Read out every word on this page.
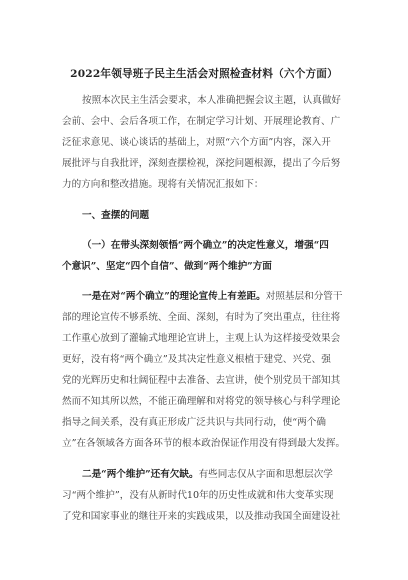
2022年领导班子民主生活会对照检查材料（六个方面）
按照本次民主生活会要求，本人准确把握会议主题，认真做好
会前、会中、会后各项工作，在制定学习计划、开展理论教育、广
泛征求意见、谈心谈话的基础上，对照“六个方面”内容，深入开
展批评与自我批评，深刻查摆检视，深挖问题根源，提出了今后努
力的方向和整改措施。现将有关情况汇报如下：
一、查摆的问题
（一）在带头深刻领悟“两个确立”的决定性意义，增强“四
个意识”、坚定“四个自信”、做到“两个维护”方面
一是在对“两个确立”的理论宣传上有差距。对照基层和分管干
部的理论宣传不够系统、全面、深刻，有时为了突出重点，往往将
工作重心放到了灌输式地理论宣讲上，主观上认为这样接受效果会
更好，没有将“两个确立”及其决定性意义根植于建党、兴党、强
党的光辉历史和壮阔征程中去准备、去宣讲，使个别党员干部知其
然而不知其所以然，不能正确理解和对将党的领导核心与科学理论
指导之间关系，没有真正形成广泛共识与共同行动，使“两个确
立”在各领域各方面各环节的根本政治保证作用没有得到最大发挥。
二是“两个维护”还有欠缺。有些同志仅从字面和思想层次学
习“两个维护”，没有从新时代10年的历史性成就和伟大变革实现
了党和国家事业的继往开来的实践成果，以及推动我国全面建设社
